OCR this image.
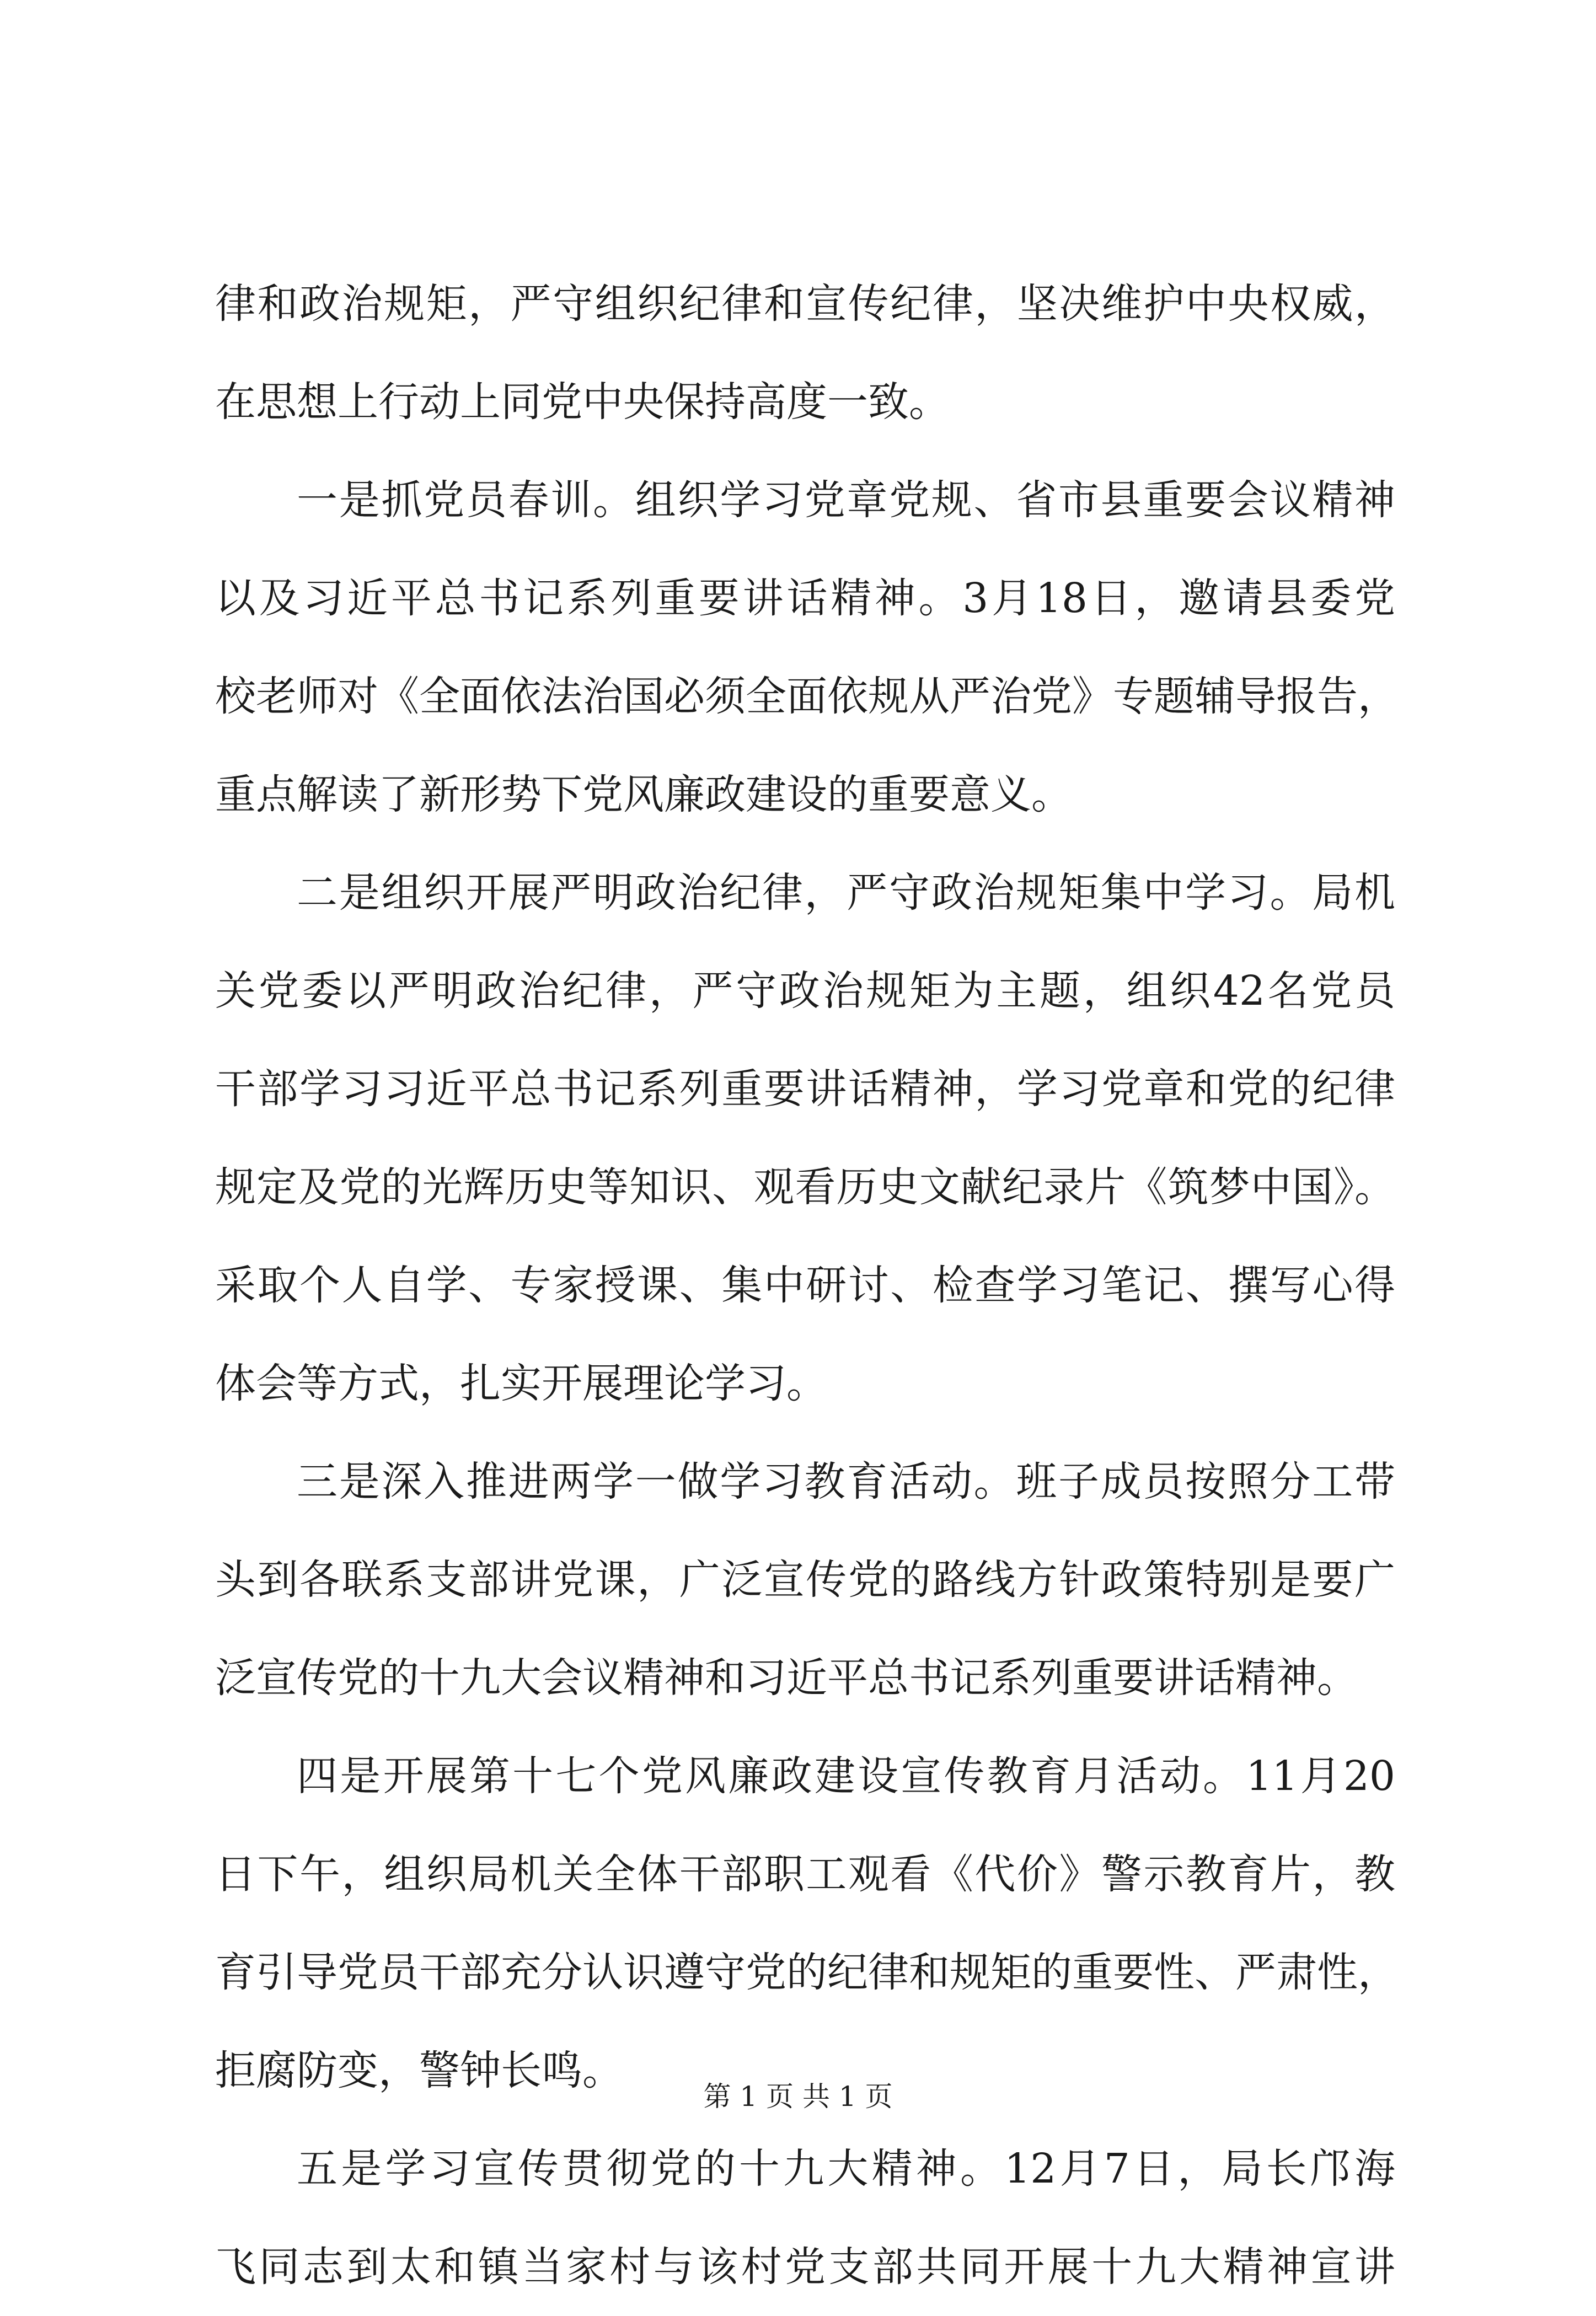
律和政治规矩，严守组织纪律和宣传纪律，坚决维护中央权威，
在思想上行动上同党中央保持高度一致。
一是抓党员春训。组织学习党章党规、省市县重要会议精神
以及习近平总书记系列重要讲话精神。3月18日，邀请县委党
校老师对《全面依法治国必须全面依规从严治党》专题辅导报告，
重点解读了新形势下党风廉政建设的重要意义。
二是组织开展严明政治纪律，严守政治规矩集中学习。局机
关党委以严明政治纪律，严守政治规矩为主题，组织42名党员
干部学习习近平总书记系列重要讲话精神，学习党章和党的纪律
规定及党的光辉历史等知识、观看历史文献纪录片《筑梦中国》。
采取个人自学、专家授课、集中研讨、检查学习笔记、撰写心得
体会等方式，扎实开展理论学习。
三是深入推进两学一做学习教育活动。班子成员按照分工带
头到各联系支部讲党课，广泛宣传党的路线方针政策特别是要广
泛宣传党的十九大会议精神和习近平总书记系列重要讲话精神。
四是开展第十七个党风廉政建设宣传教育月活动。11月20
日下午，组织局机关全体干部职工观看《代价》警示教育片，教
育引导党员干部充分认识遵守党的纪律和规矩的重要性、严肃性，
拒腐防变，警钟长鸣。
五是学习宣传贯彻党的十九大精神。12月7日，局长邝海
飞同志到太和镇当家村与该村党支部共同开展十九大精神宣讲
第 1 页 共 1 页
